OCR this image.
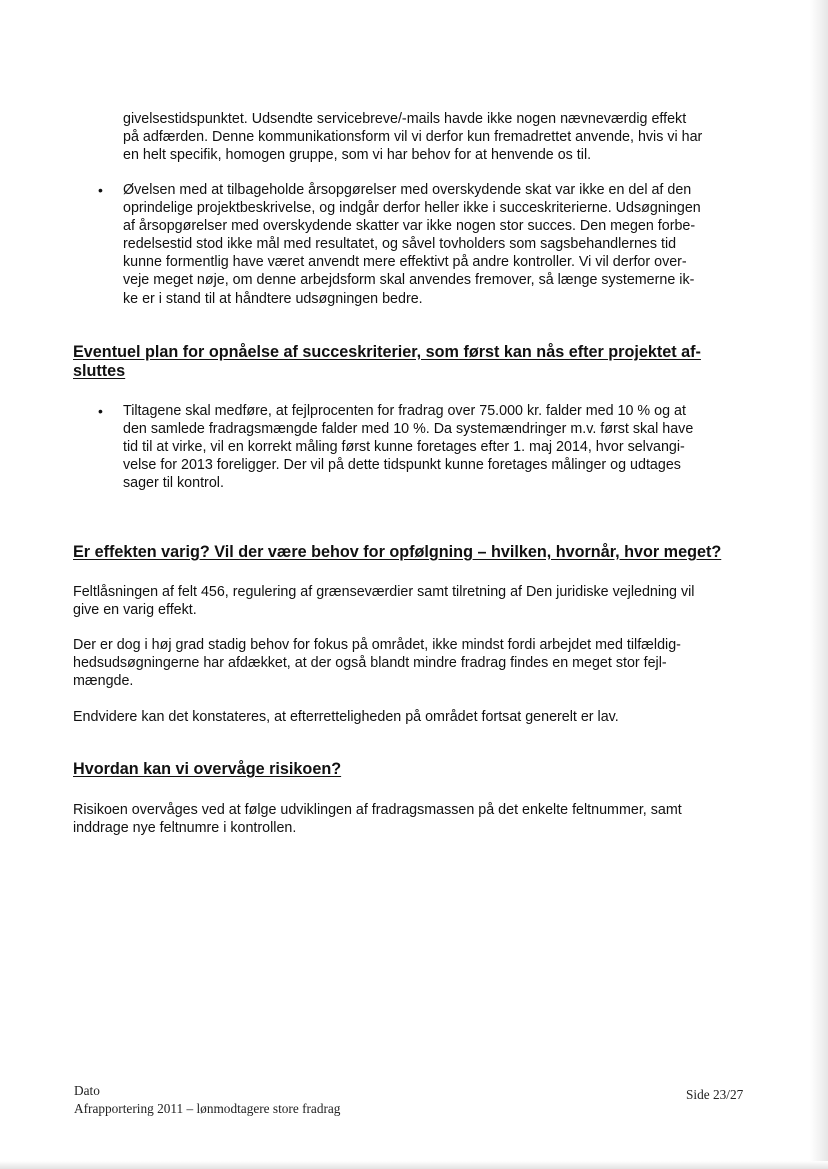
givelsestidspunktet. Udsendte servicebreve/-mails havde ikke nogen nævneværdig effekt
på adfærden. Denne kommunikationsform vil vi derfor kun fremadrettet anvende, hvis vi har
en helt specifik, homogen gruppe, som vi har behov for at henvende os til.
• Øvelsen med at tilbageholde årsopgørelser med overskydende skat var ikke en del af den
oprindelige projektbeskrivelse, og indgår derfor heller ikke i succeskriterierne. Udsøgningen
af årsopgørelser med overskydende skatter var ikke nogen stor succes. Den megen forbe-
redelsestid stod ikke mål med resultatet, og såvel tovholders som sagsbehandlernes tid
kunne formentlig have været anvendt mere effektivt på andre kontroller. Vi vil derfor over-
veje meget nøje, om denne arbejdsform skal anvendes fremover, så længe systemerne ik-
ke er i stand til at håndtere udsøgningen bedre.
Eventuel plan for opnåelse af succeskriterier, som først kan nås efter projektet af-
sluttes
• Tiltagene skal medføre, at fejlprocenten for fradrag over 75.000 kr. falder med 10 % og at
den samlede fradragsmængde falder med 10 %. Da systemændringer m.v. først skal have
tid til at virke, vil en korrekt måling først kunne foretages efter 1. maj 2014, hvor selvangi-
velse for 2013 foreligger. Der vil på dette tidspunkt kunne foretages målinger og udtages
sager til kontrol.
Er effekten varig? Vil der være behov for opfølgning – hvilken, hvornår, hvor meget?
Feltlåsningen af felt 456, regulering af grænseværdier samt tilretning af Den juridiske vejledning vil
give en varig effekt.
Der er dog i høj grad stadig behov for fokus på området, ikke mindst fordi arbejdet med tilfældig-
hedsudsøgningerne har afdækket, at der også blandt mindre fradrag findes en meget stor fejl-
mængde.
Endvidere kan det konstateres, at efterretteligheden på området fortsat generelt er lav.
Hvordan kan vi overvåge risikoen?
Risikoen overvåges ved at følge udviklingen af fradragsmassen på det enkelte feltnummer, samt
inddrage nye feltnumre i kontrollen.
Dato
Afrapportering 2011 – lønmodtagere store fradrag
Side 23/27
